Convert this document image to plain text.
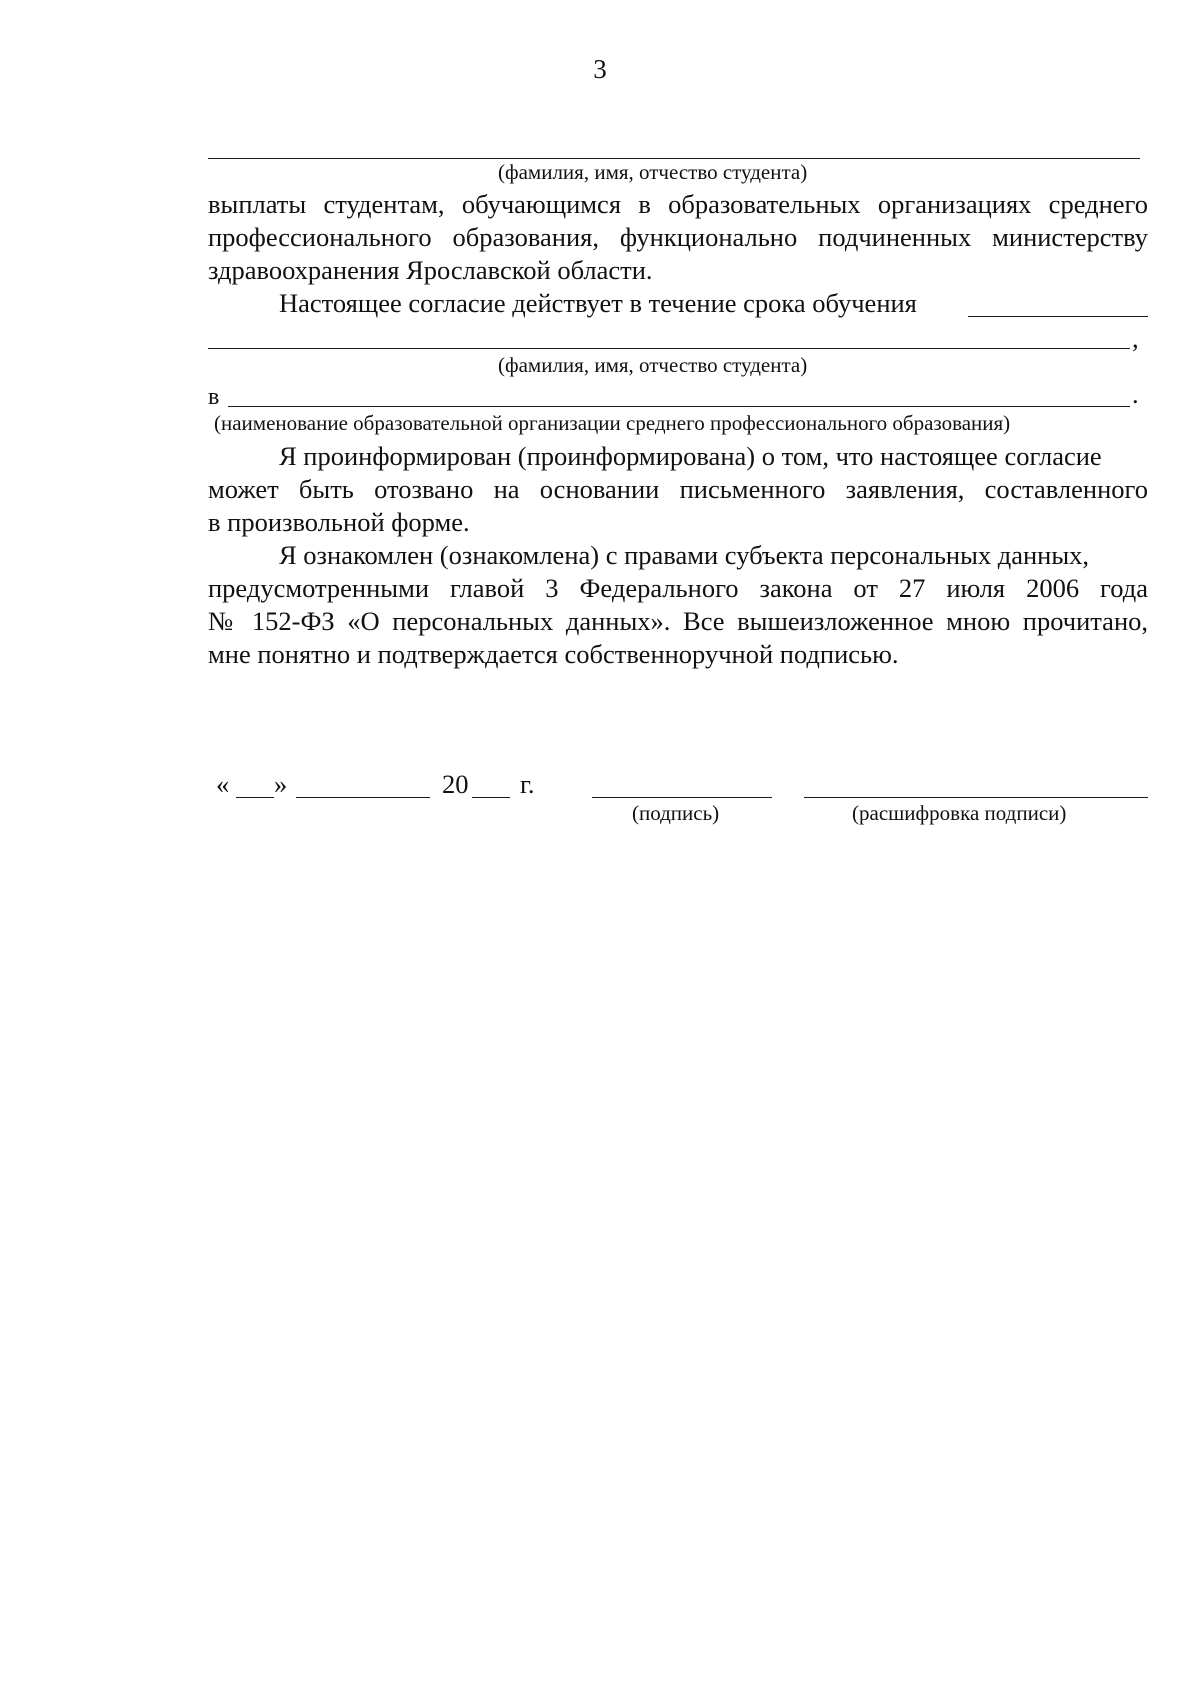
3
(фамилия, имя, отчество студента)
выплаты студентам, обучающимся в образовательных организациях среднего
профессионального образования, функционально подчиненных министерству
здравоохранения Ярославской области.
Настоящее согласие действует в течение срока обучения
,
(фамилия, имя, отчество студента)
в	.
(наименование образовательной организации среднего профессионального образования)
Я проинформирован (проинформирована) о том, что настоящее согласие
может быть отозвано на основании письменного заявления, составленного
в произвольной форме.
Я ознакомлен (ознакомлена) с правами субъекта персональных данных,
предусмотренными главой 3 Федерального закона от 27 июля 2006 года
№ 152-ФЗ «О персональных данных». Все вышеизложенное мною прочитано,
мне понятно и подтверждается собственноручной подписью.
« »	20 г.
(подпись)	(расшифровка подписи)
